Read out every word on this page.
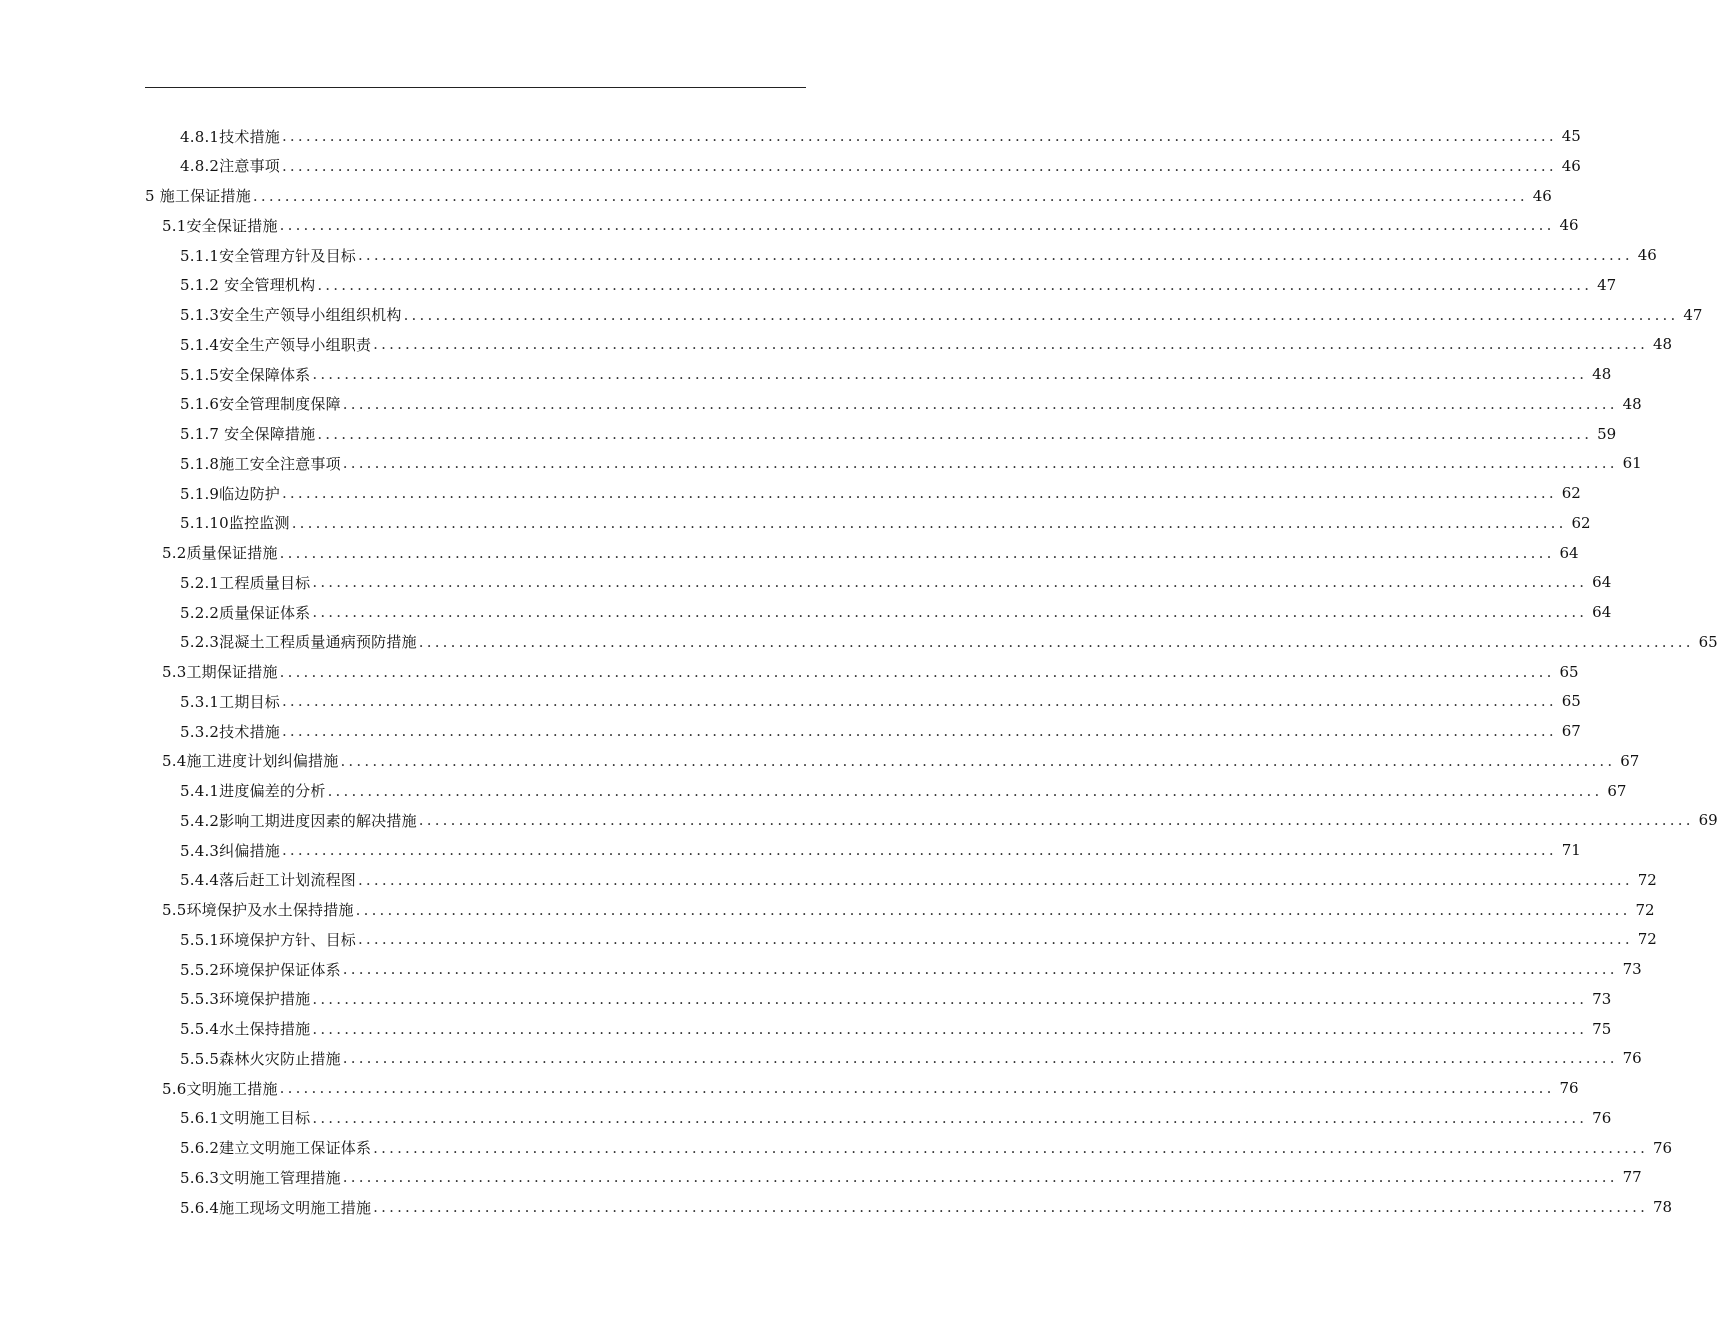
4.8.1技术措施 ................................................................................................................................................................ 45
4.8.2注意事项 ................................................................................................................................................................ 46
5 施工保证措施 ................................................................................................................................................................ 46
5.1安全保证措施 ................................................................................................................................................................ 46
5.1.1安全管理方针及目标 ................................................................................................................................................................ 46
5.1.2 安全管理机构 ................................................................................................................................................................ 47
5.1.3安全生产领导小组组织机构 ................................................................................................................................................................ 47
5.1.4安全生产领导小组职责 ................................................................................................................................................................ 48
5.1.5安全保障体系 ................................................................................................................................................................ 48
5.1.6安全管理制度保障 ................................................................................................................................................................ 48
5.1.7 安全保障措施 ................................................................................................................................................................ 59
5.1.8施工安全注意事项 ................................................................................................................................................................ 61
5.1.9临边防护 ................................................................................................................................................................ 62
5.1.10监控监测 ................................................................................................................................................................ 62
5.2质量保证措施 ................................................................................................................................................................ 64
5.2.1工程质量目标 ................................................................................................................................................................ 64
5.2.2质量保证体系 ................................................................................................................................................................ 64
5.2.3混凝土工程质量通病预防措施 ................................................................................................................................................................ 65
5.3工期保证措施 ................................................................................................................................................................ 65
5.3.1工期目标 ................................................................................................................................................................ 65
5.3.2技术措施 ................................................................................................................................................................ 67
5.4施工进度计划纠偏措施 ................................................................................................................................................................ 67
5.4.1进度偏差的分析 ................................................................................................................................................................ 67
5.4.2影响工期进度因素的解决措施 ................................................................................................................................................................ 69
5.4.3纠偏措施 ................................................................................................................................................................ 71
5.4.4落后赶工计划流程图 ................................................................................................................................................................ 72
5.5环境保护及水土保持措施 ................................................................................................................................................................ 72
5.5.1环境保护方针、目标 ................................................................................................................................................................ 72
5.5.2环境保护保证体系 ................................................................................................................................................................ 73
5.5.3环境保护措施 ................................................................................................................................................................ 73
5.5.4水土保持措施 ................................................................................................................................................................ 75
5.5.5森林火灾防止措施 ................................................................................................................................................................ 76
5.6文明施工措施 ................................................................................................................................................................ 76
5.6.1文明施工目标 ................................................................................................................................................................ 76
5.6.2建立文明施工保证体系 ................................................................................................................................................................ 76
5.6.3文明施工管理措施 ................................................................................................................................................................ 77
5.6.4施工现场文明施工措施 ................................................................................................................................................................ 78
